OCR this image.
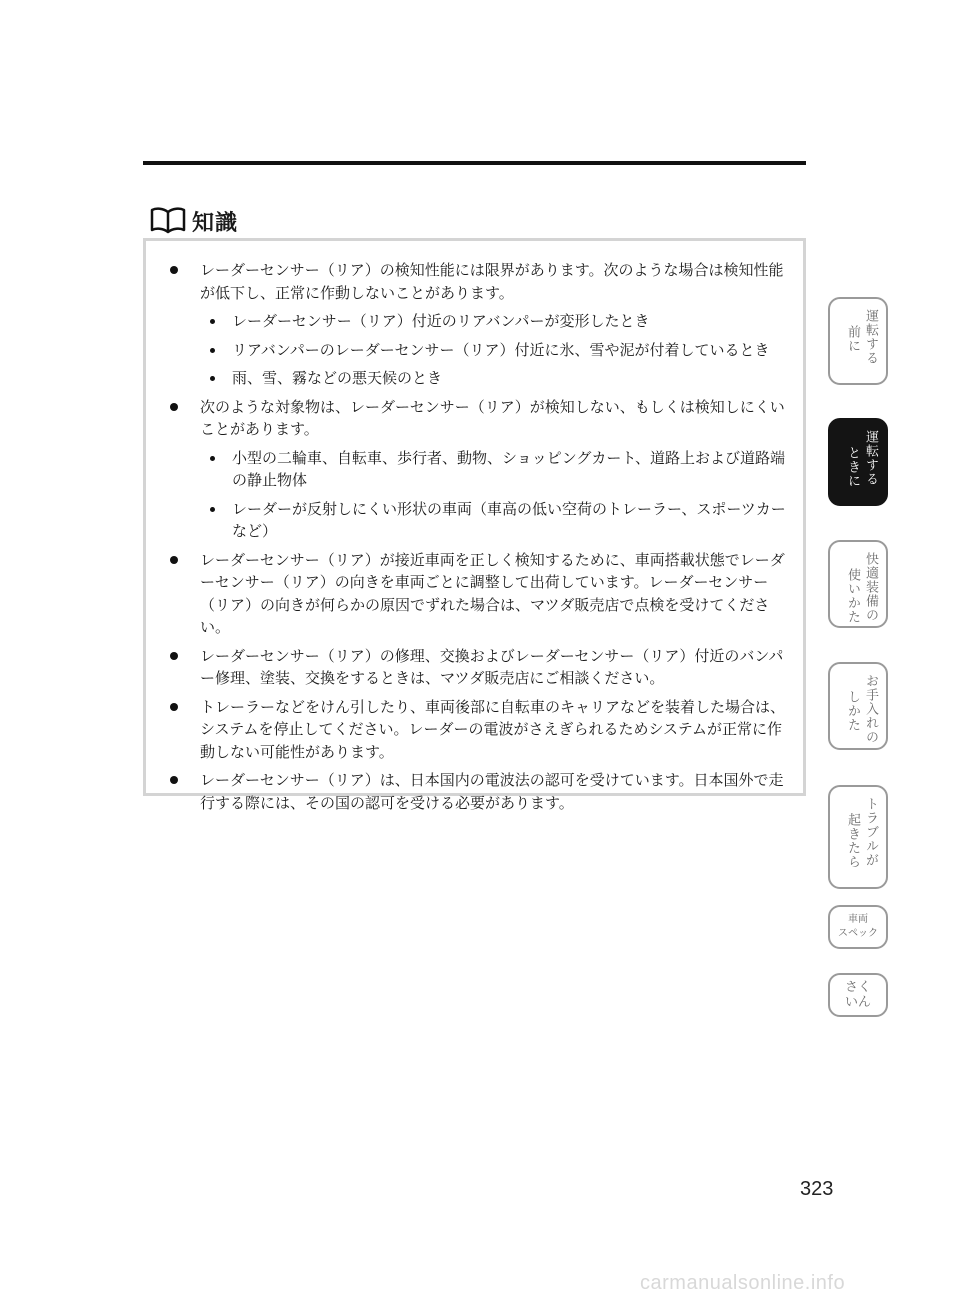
知識
レーダーセンサー（リア）の検知性能には限界があります。次のような場合は検知性能が低下し、正常に作動しないことがあります。
レーダーセンサー（リア）付近のリアバンパーが変形したとき
リアバンパーのレーダーセンサー（リア）付近に氷、雪や泥が付着しているとき
雨、雪、霧などの悪天候のとき
次のような対象物は、レーダーセンサー（リア）が検知しない、もしくは検知しにくいことがあります。
小型の二輪車、自転車、歩行者、動物、ショッピングカート、道路上および道路端の静止物体
レーダーが反射しにくい形状の車両（車高の低い空荷のトレーラー、スポーツカーなど）
レーダーセンサー（リア）が接近車両を正しく検知するために、車両搭載状態でレーダーセンサー（リア）の向きを車両ごとに調整して出荷しています。レーダーセンサー（リア）の向きが何らかの原因でずれた場合は、マツダ販売店で点検を受けてください。
レーダーセンサー（リア）の修理、交換およびレーダーセンサー（リア）付近のバンパー修理、塗装、交換をするときは、マツダ販売店にご相談ください。
トレーラーなどをけん引したり、車両後部に自転車のキャリアなどを装着した場合は、システムを停止してください。レーダーの電波がさえぎられるためシステムが正常に作動しない可能性があります。
レーダーセンサー（リア）は、日本国内の電波法の認可を受けています。日本国外で走行する際には、その国の認可を受ける必要があります。
運転する
前に
運転する
ときに
快適装備の
使いかた
お手入れの
しかた
トラブルが
起きたら
車両
スペック
さく
いん
323
carmanualsonline.info
